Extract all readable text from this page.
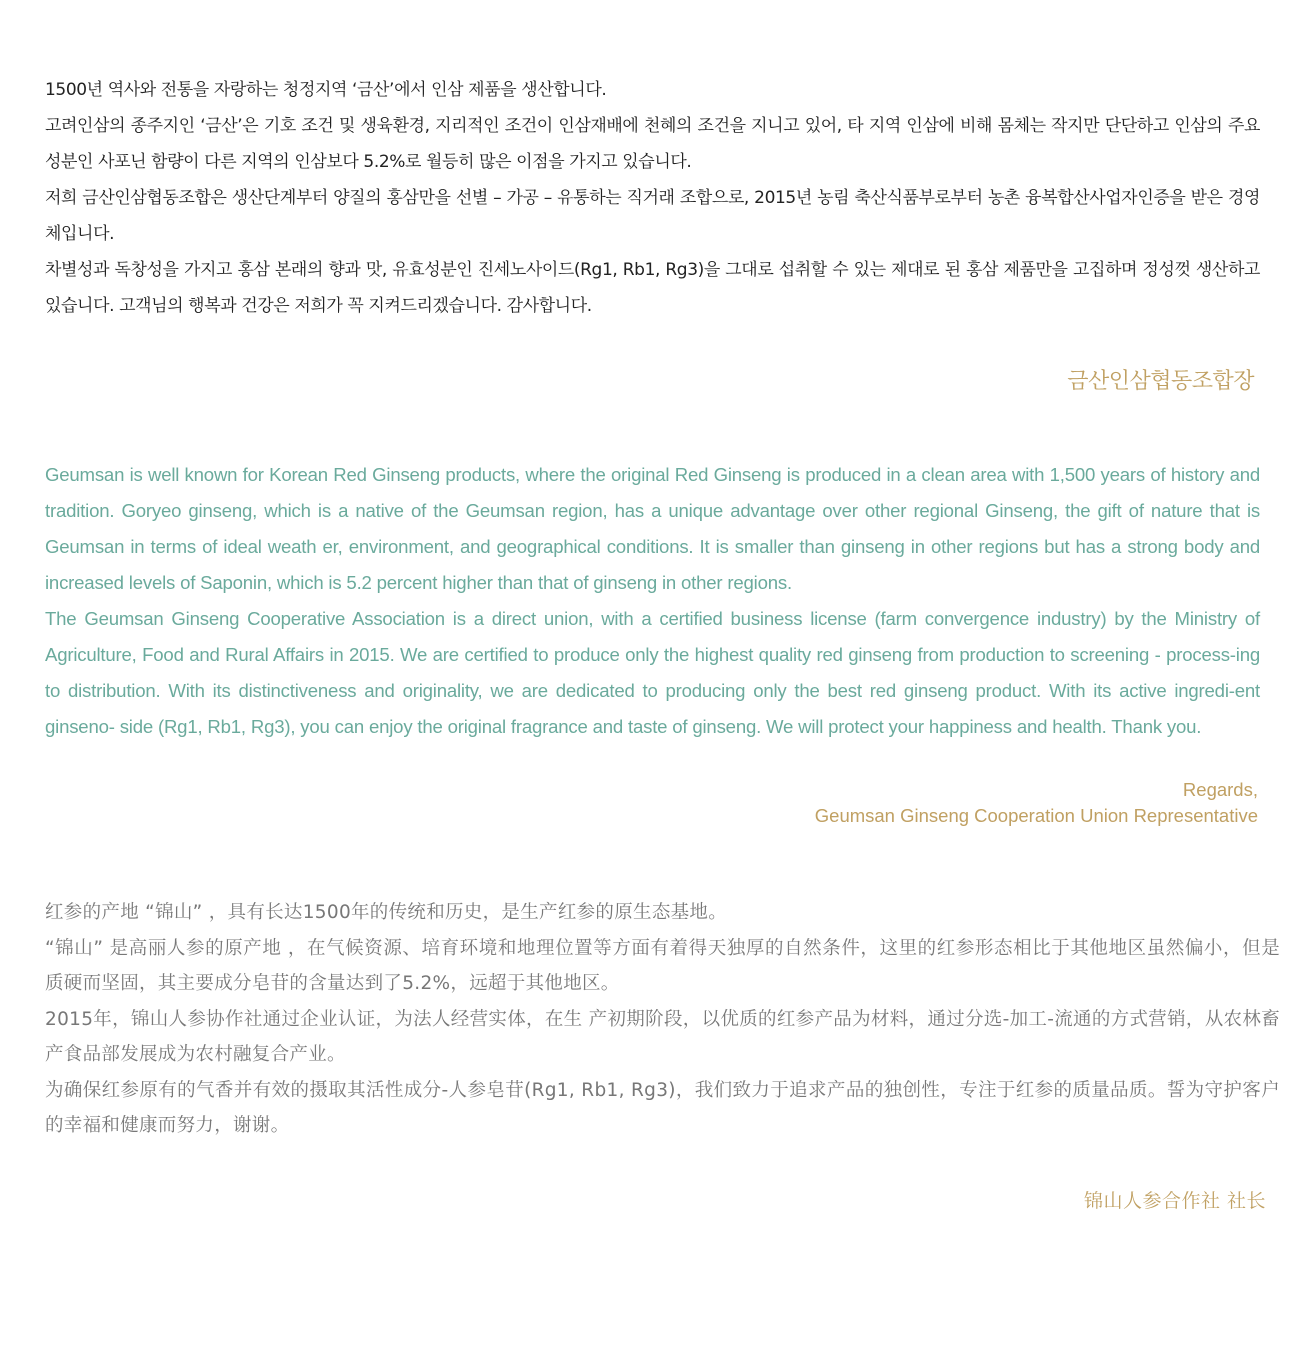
1500년 역사와 전통을 자랑하는 청정지역 ‘금산’에서 인삼 제품을 생산합니다.

고려인삼의 종주지인 ‘금산’은 기호 조건 및 생육환경, 지리적인 조건이 인삼재배에 천혜의 조건을 지니고 있어, 타 지역 인삼에 비해 몸체는 작지만 단단하고 인삼의 주요성분인 사포닌 함량이 다른 지역의 인삼보다 5.2%로 월등히 많은 이점을 가지고 있습니다.

저희 금산인삼협동조합은 생산단계부터 양질의 홍삼만을 선별 – 가공 – 유통하는 직거래 조합으로, 2015년 농림 축산식품부로부터 농촌 융복합산사업자인증을 받은 경영체입니다.

차별성과 독창성을 가지고 홍삼 본래의 향과 맛, 유효성분인 진세노사이드(Rg1, Rb1, Rg3)을 그대로 섭취할 수 있는 제대로 된 홍삼 제품만을 고집하며 정성껏 생산하고 있습니다. 고객님의 행복과 건강은 저희가 꼭 지켜드리겠습니다. 감사합니다.

금산인삼협동조합장

Geumsan is well known for Korean Red Ginseng products, where the original Red Ginseng is produced in a clean area with 1,500 years of history and tradition. Goryeo ginseng, which is a native of the Geumsan region, has a unique advantage over other regional Ginseng, the gift of nature that is Geumsan in terms of ideal weath er, environment, and geographical conditions. It is smaller than ginseng in other regions but has a strong body and increased levels of Saponin, which is 5.2 percent higher than that of ginseng in other regions.

The Geumsan Ginseng Cooperative Association is a direct union, with a certified business license (farm convergence industry) by the Ministry of Agriculture, Food and Rural Affairs in 2015. We are certified to produce only the highest quality red ginseng from production to screening - process-ing to distribution. With its distinctiveness and originality, we are dedicated to producing only the best red ginseng product. With its active ingredi-ent ginseno- side (Rg1, Rb1, Rg3), you can enjoy the original fragrance and taste of ginseng. We will protect your happiness and health. Thank you.

Regards,
Geumsan Ginseng Cooperation Union Representative

红参的产地 “锦山” ，具有长达1500年的传统和历史，是生产红参的原生态基地。

“锦山” 是高丽人参的原产地 ，在气候资源、培育环境和地理位置等方面有着得天独厚的自然条件，这里的红参形态相比于其他地区虽然偏小，但是质硬而坚固，其主要成分皂苷的含量达到了5.2%，远超于其他地区。

2015年，锦山人参协作社通过企业认证，为法人经营实体，在生 产初期阶段，以优质的红参产品为材料，通过分选-加工-流通的方式营销，从农林畜产食品部发展成为农村融复合产业。

为确保红参原有的气香并有效的摄取其活性成分-人参皂苷(Rg1, Rb1, Rg3)，我们致力于追求产品的独创性，专注于红参的质量品质。誓为守护客户的幸福和健康而努力，谢谢。

锦山人参合作社 社长
